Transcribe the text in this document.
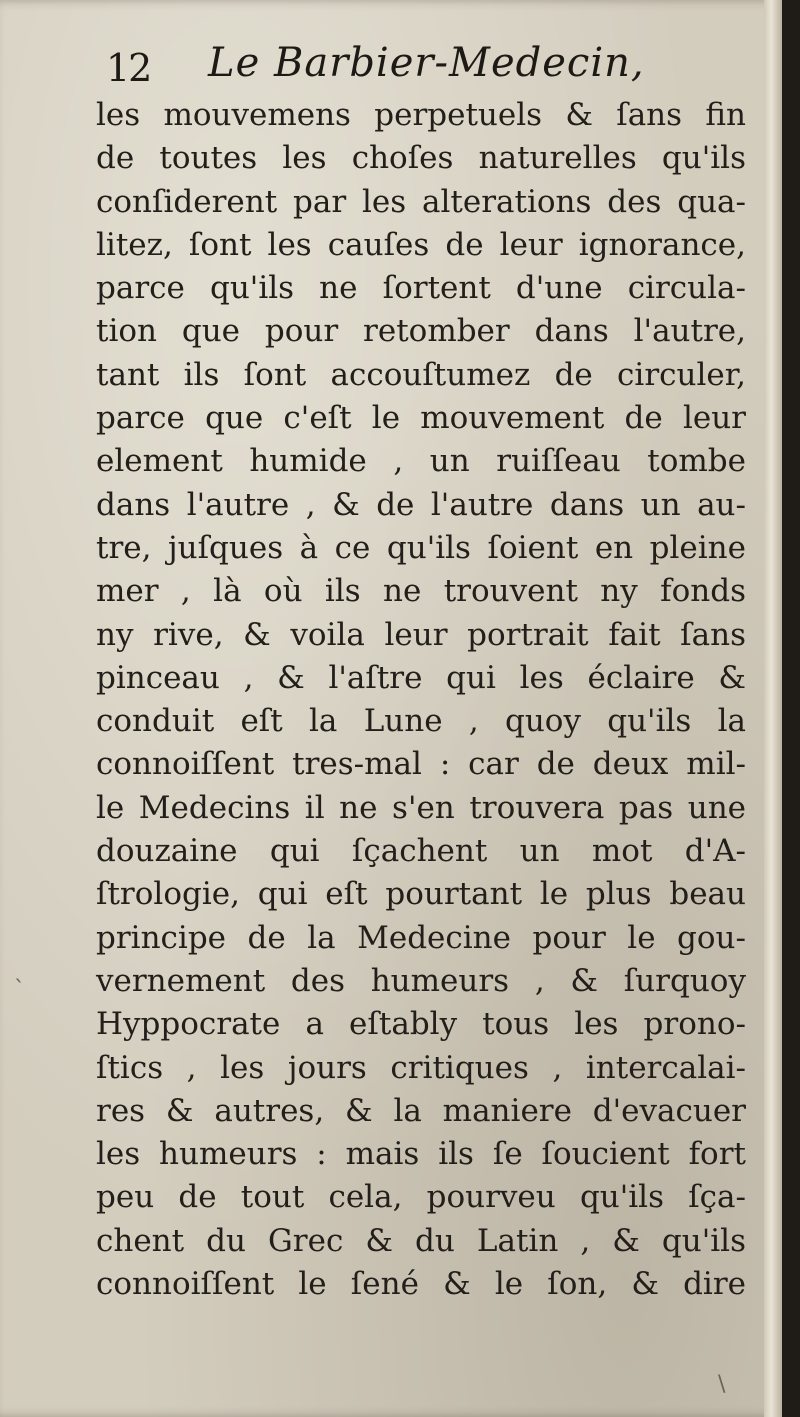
12 Le Barbier-Medecin,
les mouvemens perpetuels & ſans fin
de toutes les choſes naturelles qu'ils
conſiderent par les alterations des qua-
litez, ſont les cauſes de leur ignorance,
parce qu'ils ne ſortent d'une circula-
tion que pour retomber dans l'autre,
tant ils ſont accouſtumez de circuler,
parce que c'eſt le mouvement de leur
element humide , un ruiſſeau tombe
dans l'autre , & de l'autre dans un au-
tre, juſques à ce qu'ils ſoient en pleine
mer , là où ils ne trouvent ny fonds
ny rive, & voila leur portrait fait ſans
pinceau , & l'aſtre qui les éclaire &
conduit eſt la Lune , quoy qu'ils la
connoiſſent tres-mal : car de deux mil-
le Medecins il ne s'en trouvera pas une
douzaine qui ſçachent un mot d'A-
ſtrologie, qui eſt pourtant le plus beau
principe de la Medecine pour le gou-
vernement des humeurs , & ſurquoy
Hyppocrate a eſtably tous les prono-
ſtics , les jours critiques , intercalai-
res & autres, & la maniere d'evacuer
les humeurs : mais ils ſe ſoucient fort
peu de tout cela, pourveu qu'ils ſça-
chent du Grec & du Latin , & qu'ils
connoiſſent le ſené & le ſon, & dire
ˎ
\
